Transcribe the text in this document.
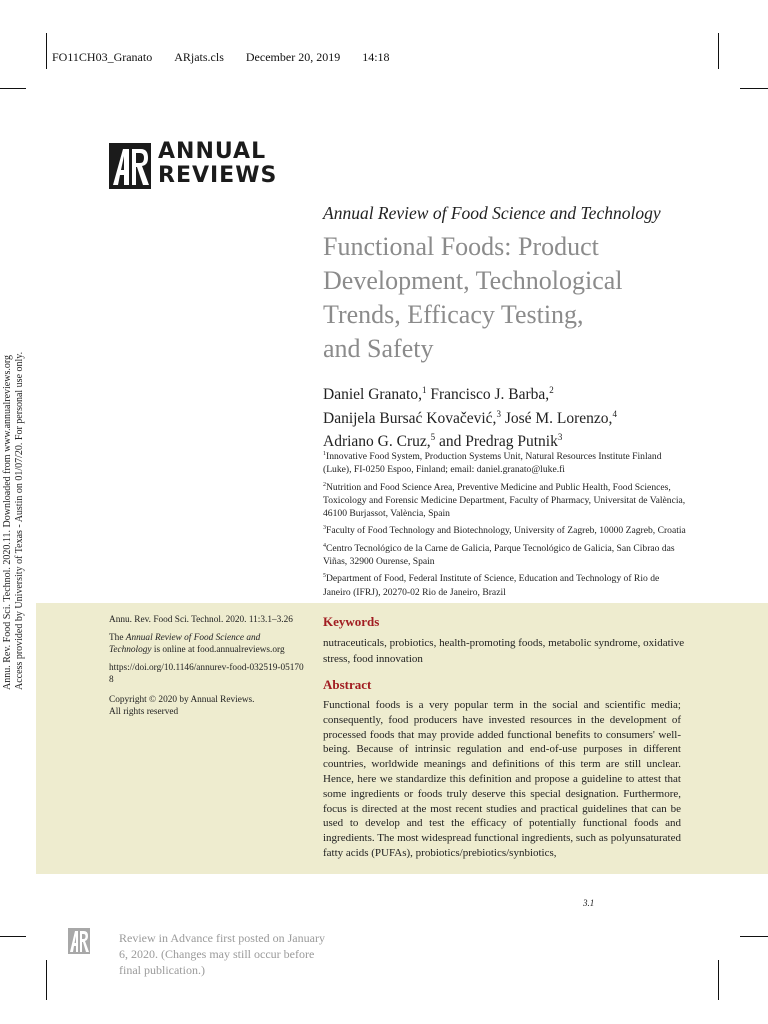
FO11CH03_Granato ARjats.cls December 20, 2019 14:18
Annu. Rev. Food Sci. Technol. 2020.11. Downloaded from www.annualreviews.org Access provided by University of Texas - Austin on 01/07/20. For personal use only.
ANNUAL
REVIEWS
Annual Review of Food Science and Technology
Functional Foods: Product
Development, Technological
Trends, Efficacy Testing,
and Safety
Daniel Granato,$^1$ Francisco J. Barba,$^2$
Danijela Bursać Kovačević,$^3$ José M. Lorenzo,$^4$
Adriano G. Cruz,$^5$ and Predrag Putnik$^3$

$^1$Innovative Food System, Production Systems Unit, Natural Resources Institute Finland (Luke), FI-0250 Espoo, Finland; email: daniel.granato@luke.fi

$^2$Nutrition and Food Science Area, Preventive Medicine and Public Health, Food Sciences, Toxicology and Forensic Medicine Department, Faculty of Pharmacy, Universitat de València, 46100 Burjassot, València, Spain

$^3$Faculty of Food Technology and Biotechnology, University of Zagreb, 10000 Zagreb, Croatia

$^4$Centro Tecnológico de la Carne de Galicia, Parque Tecnológico de Galicia, San Cibrao das Viñas, 32900 Ourense, Spain

$^5$Department of Food, Federal Institute of Science, Education and Technology of Rio de Janeiro (IFRJ), 20270-02 Rio de Janeiro, Brazil

Annu. Rev. Food Sci. Technol. 2020. 11:3.1–3.26

The Annual Review of Food Science and Technology is online at food.annualreviews.org

https://doi.org/10.1146/annurev-food-032519-051708

Copyright © 2020 by Annual Reviews.
All rights reserved

Keywords
nutraceuticals, probiotics, health-promoting foods, metabolic syndrome, oxidative stress, food innovation
Abstract
Functional foods is a very popular term in the social and scientific media; consequently, food producers have invested resources in the development of processed foods that may provide added functional benefits to consumers' well-being. Because of intrinsic regulation and end-of-use purposes in different countries, worldwide meanings and definitions of this term are still unclear. Hence, here we standardize this definition and propose a guideline to attest that some ingredients or foods truly deserve this special designation. Furthermore, focus is directed at the most recent studies and practical guidelines that can be used to develop and test the efficacy of potentially functional foods and ingredients. The most widespread functional ingredients, such as polyunsaturated fatty acids (PUFAs), probiotics/prebiotics/synbiotics,
3.1
Review in Advance first posted on January 6, 2020. (Changes may still occur before final publication.)
